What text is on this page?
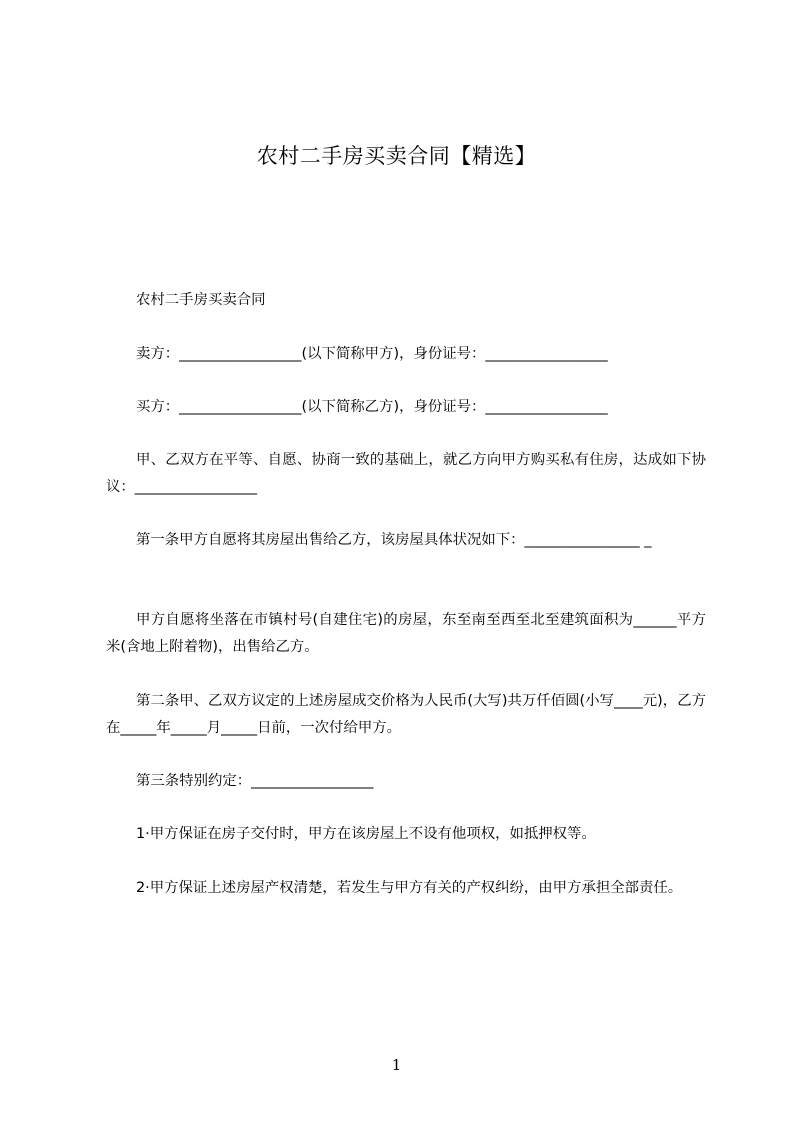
农村二手房买卖合同【精选】
农村二手房买卖合同
卖方：_________________(以下简称甲方)，身份证号：_________________
买方：_________________(以下简称乙方)，身份证号：_________________
甲、乙双方在平等、自愿、协商一致的基础上，就乙方向甲方购买私有住房，达成如下协议：_________________
第一条甲方自愿将其房屋出售给乙方，该房屋具体状况如下：________________ _
甲方自愿将坐落在市镇村号(自建住宅)的房屋，东至南至西至北至建筑面积为______平方米(含地上附着物)，出售给乙方。
第二条甲、乙双方议定的上述房屋成交价格为人民币(大写)共万仟佰圆(小写____元)，乙方在_____年_____月_____日前，一次付给甲方。
第三条特别约定：_________________
1·甲方保证在房子交付时，甲方在该房屋上不设有他项权，如抵押权等。
2·甲方保证上述房屋产权清楚，若发生与甲方有关的产权纠纷，由甲方承担全部责任。
1
